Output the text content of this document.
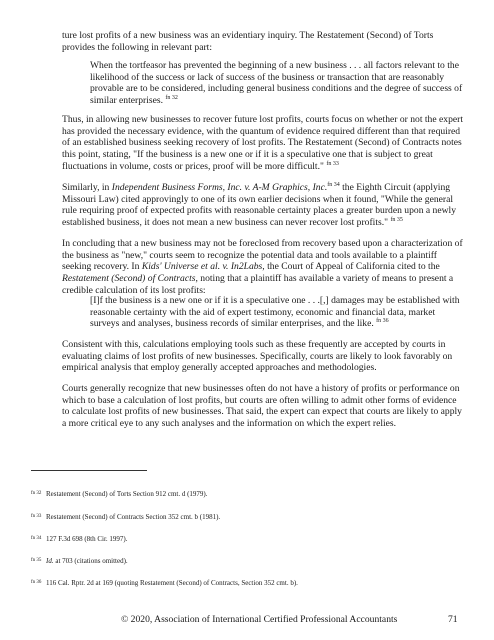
ture lost profits of a new business was an evidentiary inquiry. The Restatement (Second) of Torts provides the following in relevant part:

When the tortfeasor has prevented the beginning of a new business . . . all factors relevant to the likelihood of the success or lack of success of the business or transaction that are reasonably provable are to be considered, including general business conditions and the degree of success of similar enterprises. $^{fn 32}$

Thus, in allowing new businesses to recover future lost profits, courts focus on whether or not the expert has provided the necessary evidence, with the quantum of evidence required different than that required of an established business seeking recovery of lost profits. The Restatement (Second) of Contracts notes this point, stating, "If the business is a new one or if it is a speculative one that is subject to great fluctuations in volume, costs or prices, proof will be more difficult." $^{fn 33}$

Similarly, in Independent Business Forms, Inc. v. A-M Graphics, Inc.$^{fn 34}$ the Eighth Circuit (applying Missouri Law) cited approvingly to one of its own earlier decisions when it found, "While the general rule requiring proof of expected profits with reasonable certainty places a greater burden upon a newly established business, it does not mean a new business can never recover lost profits." $^{fn 35}$

In concluding that a new business may not be foreclosed from recovery based upon a characterization of the business as "new," courts seem to recognize the potential data and tools available to a plaintiff seeking recovery. In Kids' Universe et al. v. In2Labs, the Court of Appeal of California cited to the Restatement (Second) of Contracts, noting that a plaintiff has available a variety of means to present a credible calculation of its lost profits:

[I]f the business is a new one or if it is a speculative one . . .[,] damages may be established with reasonable certainty with the aid of expert testimony, economic and financial data, market surveys and analyses, business records of similar enterprises, and the like. $^{fn 36}$

Consistent with this, calculations employing tools such as these frequently are accepted by courts in evaluating claims of lost profits of new businesses. Specifically, courts are likely to look favorably on empirical analysis that employ generally accepted approaches and methodologies.

Courts generally recognize that new businesses often do not have a history of profits or performance on which to base a calculation of lost profits, but courts are often willing to admit other forms of evidence to calculate lost profits of new businesses. That said, the expert can expect that courts are likely to apply a more critical eye to any such analyses and the information on which the expert relies.

fn 32 Restatement (Second) of Torts Section 912 cmt. d (1979).

fn 33 Restatement (Second) of Contracts Section 352 cmt. b (1981).

fn 34 127 F.3d 698 (8th Cir. 1997).

fn 35 Id. at 703 (citations omitted).

fn 36 116 Cal. Rptr. 2d at 169 (quoting Restatement (Second) of Contracts, Section 352 cmt. b).

© 2020, Association of International Certified Professional Accountants	71
